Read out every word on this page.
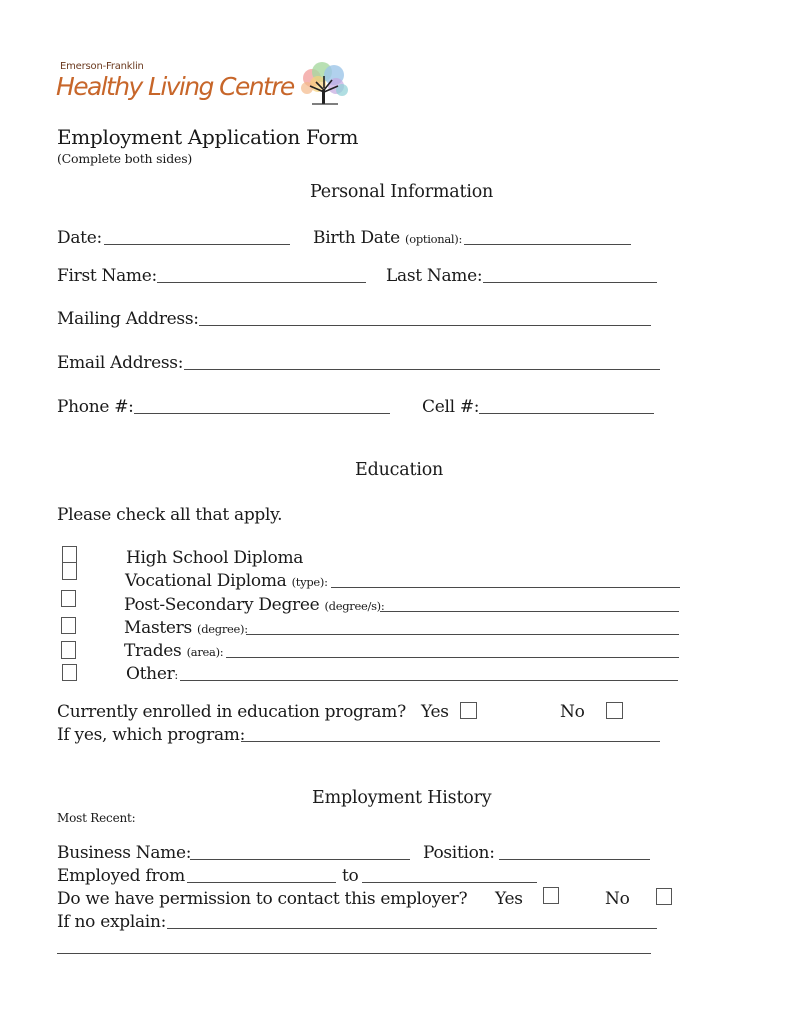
Emerson-Franklin
Healthy Living Centre
Employment Application Form
(Complete both sides)
Personal Information
Date:	Birth Date (optional):
First Name:	Last Name:
Mailing Address:
Email Address:
Phone #:	Cell #:
Education
Please check all that apply.
High School Diploma
Vocational Diploma (type):
Post-Secondary Degree (degree/s):
Masters (degree):
Trades (area):
Other:
Currently enrolled in education program? Yes	No
If yes, which program:
Employment History
Most Recent:
Business Name:	Position:
Employed from	to
Do we have permission to contact this employer? Yes	No
If no explain:
